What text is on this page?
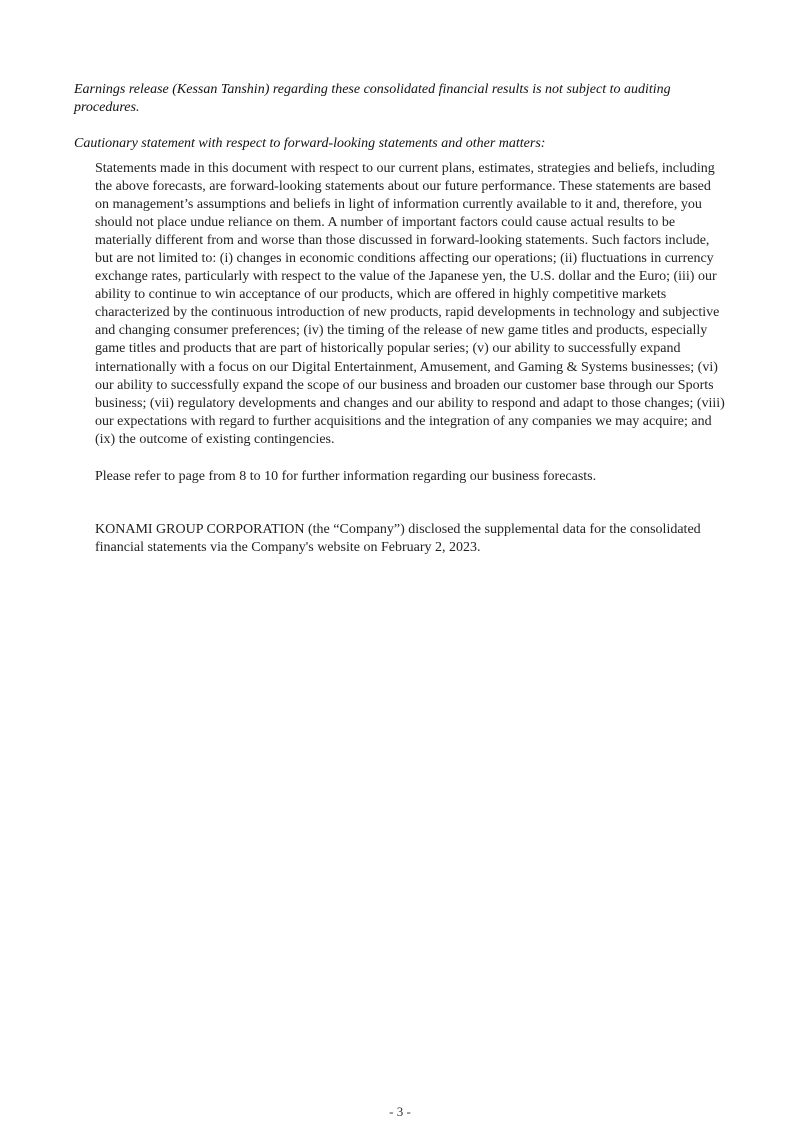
Earnings release (Kessan Tanshin) regarding these consolidated financial results is not subject to auditing procedures.

Cautionary statement with respect to forward-looking statements and other matters:

Statements made in this document with respect to our current plans, estimates, strategies and beliefs, including the above forecasts, are forward-looking statements about our future performance. These statements are based on management’s assumptions and beliefs in light of information currently available to it and, therefore, you should not place undue reliance on them. A number of important factors could cause actual results to be materially different from and worse than those discussed in forward-looking statements. Such factors include, but are not limited to: (i) changes in economic conditions affecting our operations; (ii) fluctuations in currency exchange rates, particularly with respect to the value of the Japanese yen, the U.S. dollar and the Euro; (iii) our ability to continue to win acceptance of our products, which are offered in highly competitive markets characterized by the continuous introduction of new products, rapid developments in technology and subjective and changing consumer preferences; (iv) the timing of the release of new game titles and products, especially game titles and products that are part of historically popular series; (v) our ability to successfully expand internationally with a focus on our Digital Entertainment, Amusement, and Gaming & Systems businesses; (vi) our ability to successfully expand the scope of our business and broaden our customer base through our Sports business; (vii) regulatory developments and changes and our ability to respond and adapt to those changes; (viii) our expectations with regard to further acquisitions and the integration of any companies we may acquire; and (ix) the outcome of existing contingencies.

Please refer to page from 8 to 10 for further information regarding our business forecasts.

KONAMI GROUP CORPORATION (the “Company”) disclosed the supplemental data for the consolidated financial statements via the Company's website on February 2, 2023.

- 3 -
